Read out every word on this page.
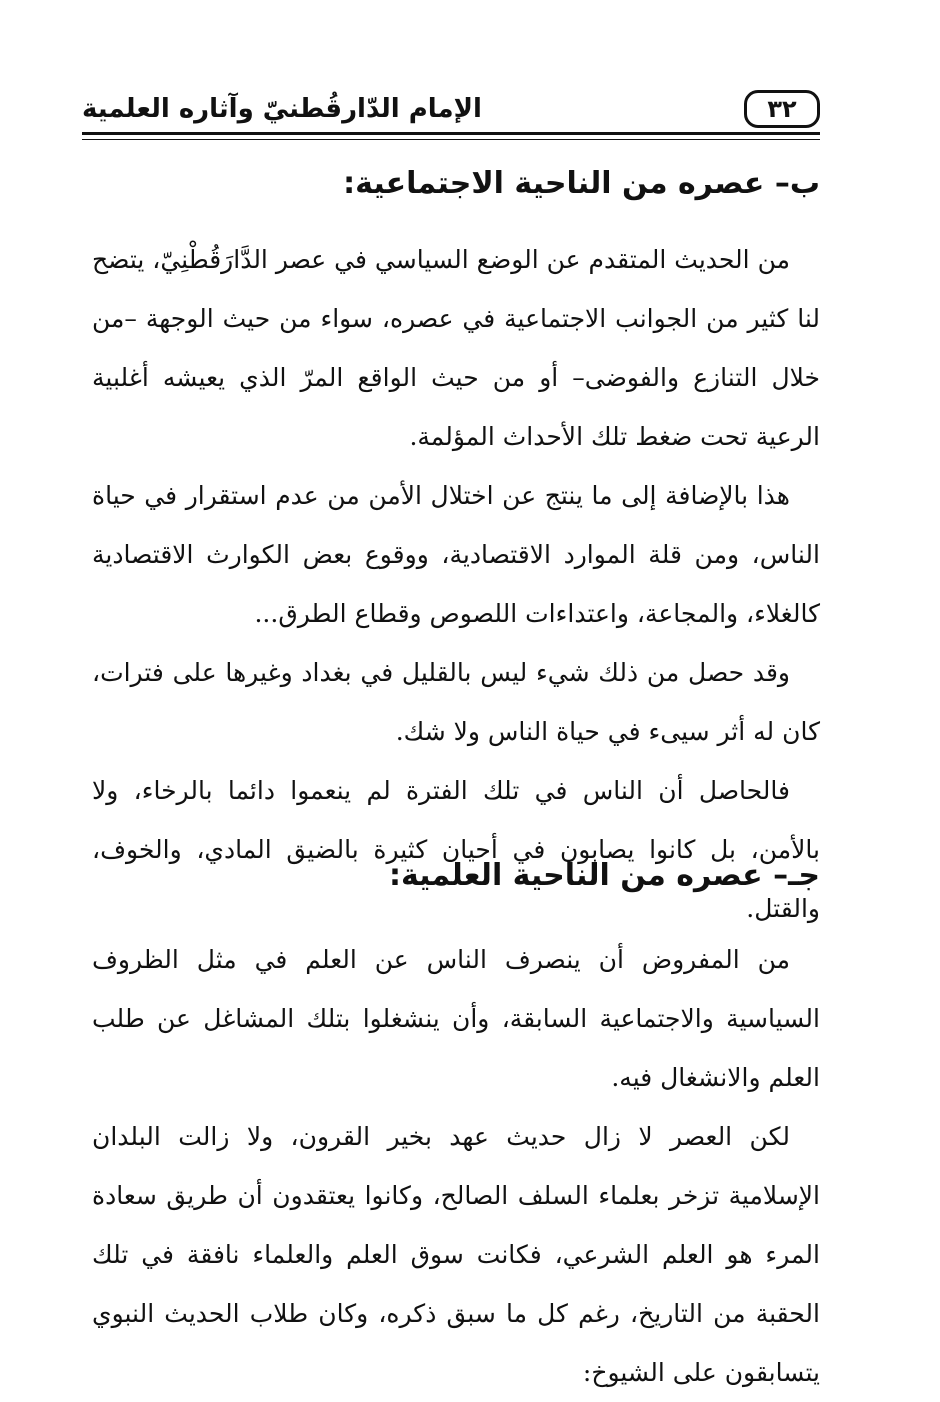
٣٢
الإمام الدّارقُطنيّ وآثاره العلمية
ب– عصره من الناحية الاجتماعية:

من الحديث المتقدم عن الوضع السياسي في عصر الدَّارَقُطْنِيّ، يتضح لنا كثير من الجوانب الاجتماعية في عصره، سواء من حيث الوجهة –من خلال التنازع والفوضى– أو من حيث الواقع المرّ الذي يعيشه أغلبية الرعية تحت ضغط تلك الأحداث المؤلمة.

هذا بالإضافة إلى ما ينتج عن اختلال الأمن من عدم استقرار في حياة الناس، ومن قلة الموارد الاقتصادية، ووقوع بعض الكوارث الاقتصادية كالغلاء، والمجاعة، واعتداءات اللصوص وقطاع الطرق...

وقد حصل من ذلك شيء ليس بالقليل في بغداد وغيرها على فترات، كان له أثر سيىء في حياة الناس ولا شك.

فالحاصل أن الناس في تلك الفترة لم ينعموا دائما بالرخاء، ولا بالأمن، بل كانوا يصابون في أحيان كثيرة بالضيق المادي، والخوف، والقتل.

جـ– عصره من الناحية العلمية:

من المفروض أن ينصرف الناس عن العلم في مثل الظروف السياسية والاجتماعية السابقة، وأن ينشغلوا بتلك المشاغل عن طلب العلم والانشغال فيه.

لكن العصر لا زال حديث عهد بخير القرون، ولا زالت البلدان الإسلامية تزخر بعلماء السلف الصالح، وكانوا يعتقدون أن طريق سعادة المرء هو العلم الشرعي، فكانت سوق العلم والعلماء نافقة في تلك الحقبة من التاريخ، رغم كل ما سبق ذكره، وكان طلاب الحديث النبوي يتسابقون على الشيوخ:
